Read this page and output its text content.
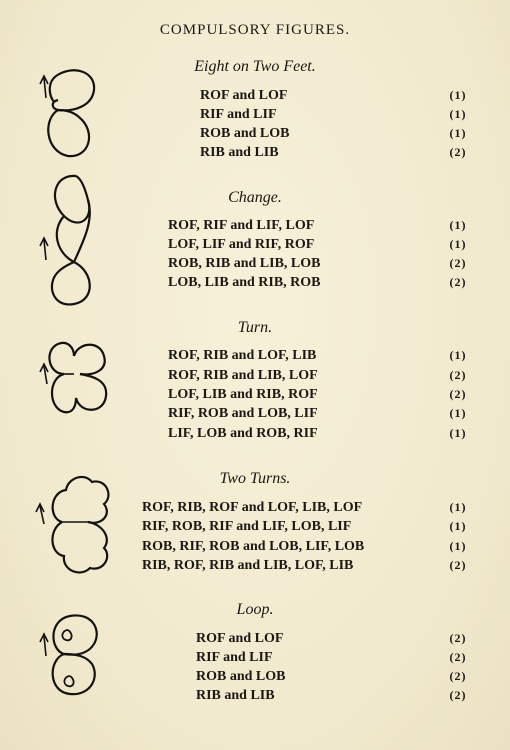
COMPULSORY FIGURES.
Eight on Two Feet.
ROF and LOF	(1)
RIF and LIF	(1)
ROB and LOB	(1)
RIB and LIB	(2)
Change.
ROF, RIF and LIF, LOF	(1)
LOF, LIF and RIF, ROF	(1)
ROB, RIB and LIB, LOB	(2)
LOB, LIB and RIB, ROB	(2)
Turn.
ROF, RIB and LOF, LIB	(1)
ROF, RIB and LIB, LOF	(2)
LOF, LIB and RIB, ROF	(2)
RIF, ROB and LOB, LIF	(1)
LIF, LOB and ROB, RIF	(1)
Two Turns.
ROF, RIB, ROF and LOF, LIB, LOF	(1)
RIF, ROB, RIF and LIF, LOB, LIF	(1)
ROB, RIF, ROB and LOB, LIF, LOB	(1)
RIB, ROF, RIB and LIB, LOF, LIB	(2)
Loop.
ROF and LOF	(2)
RIF and LIF	(2)
ROB and LOB	(2)
RIB and LIB	(2)
